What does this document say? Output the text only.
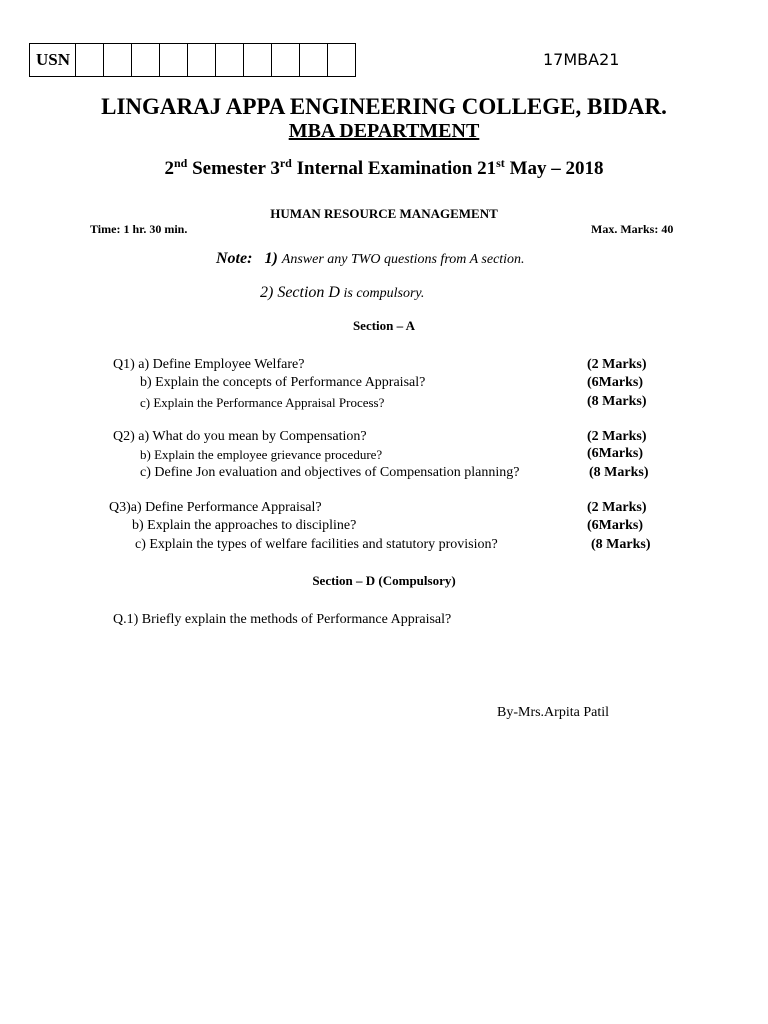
USN											17MBA21
LINGARAJ APPA ENGINEERING COLLEGE, BIDAR.
MBA DEPARTMENT
2nd Semester 3rd Internal Examination 21st May – 2018
HUMAN RESOURCE MANAGEMENT
Time: 1 hr. 30 min.	Max. Marks: 40
Note: 1) Answer any TWO questions from A section.
2) Section D is compulsory.
Section – A
Q1) a) Define Employee Welfare?	(2 Marks)
b) Explain the concepts of Performance Appraisal?	(6Marks)
c) Explain the Performance Appraisal Process?	(8 Marks)
Q2) a) What do you mean by Compensation?	(2 Marks)
b) Explain the employee grievance procedure?	(6Marks)
c) Define Jon evaluation and objectives of Compensation planning?	(8 Marks)
Q3)a) Define Performance Appraisal?	(2 Marks)
b) Explain the approaches to discipline?	(6Marks)
c) Explain the types of welfare facilities and statutory provision?	(8 Marks)
Section – D (Compulsory)
Q.1) Briefly explain the methods of Performance Appraisal?
By-Mrs.Arpita Patil
